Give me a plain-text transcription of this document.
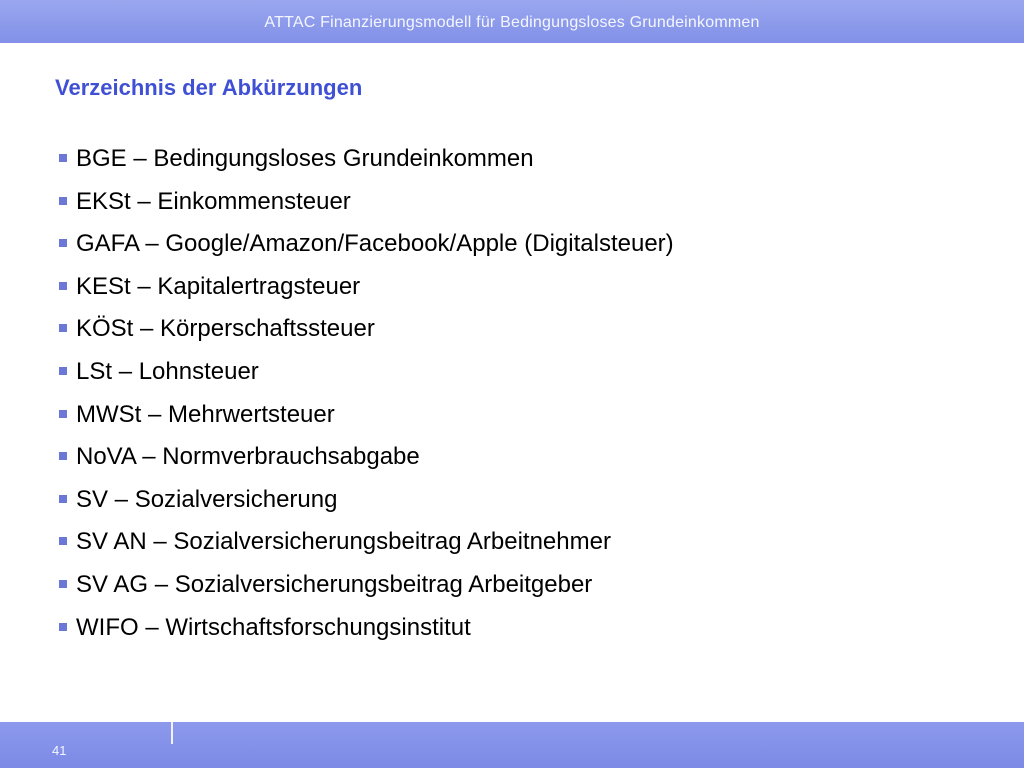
ATTAC Finanzierungsmodell für Bedingungsloses Grundeinkommen
Verzeichnis der Abkürzungen
BGE – Bedingungsloses Grundeinkommen
EKSt – Einkommensteuer
GAFA – Google/Amazon/Facebook/Apple (Digitalsteuer)
KESt – Kapitalertragsteuer
KÖSt – Körperschaftssteuer
LSt – Lohnsteuer
MWSt – Mehrwertsteuer
NoVA – Normverbrauchsabgabe
SV – Sozialversicherung
SV AN – Sozialversicherungsbeitrag Arbeitnehmer
SV AG – Sozialversicherungsbeitrag Arbeitgeber
WIFO – Wirtschaftsforschungsinstitut
41
